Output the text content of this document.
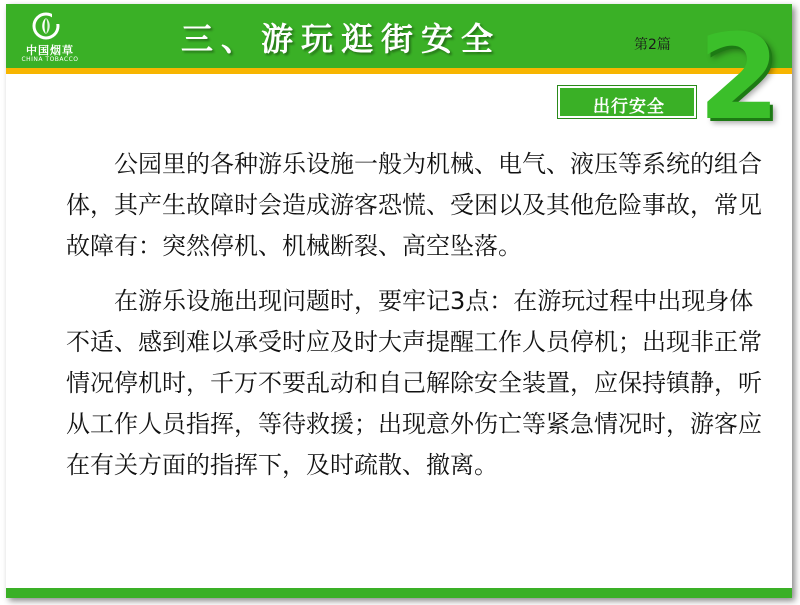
中国烟草
CHINA TOBACCO
三、游玩逛街安全	第2篇 2
出行安全

公园里的各种游乐设施一般为机械、电气、液压等系统的组合体，其产生故障时会造成游客恐慌、受困以及其他危险事故，常见故障有：突然停机、机械断裂、高空坠落。

在游乐设施出现问题时，要牢记3点：在游玩过程中出现身体不适、感到难以承受时应及时大声提醒工作人员停机；出现非正常情况停机时，千万不要乱动和自己解除安全装置，应保持镇静，听从工作人员指挥，等待救援；出现意外伤亡等紧急情况时，游客应在有关方面的指挥下，及时疏散、撤离。
